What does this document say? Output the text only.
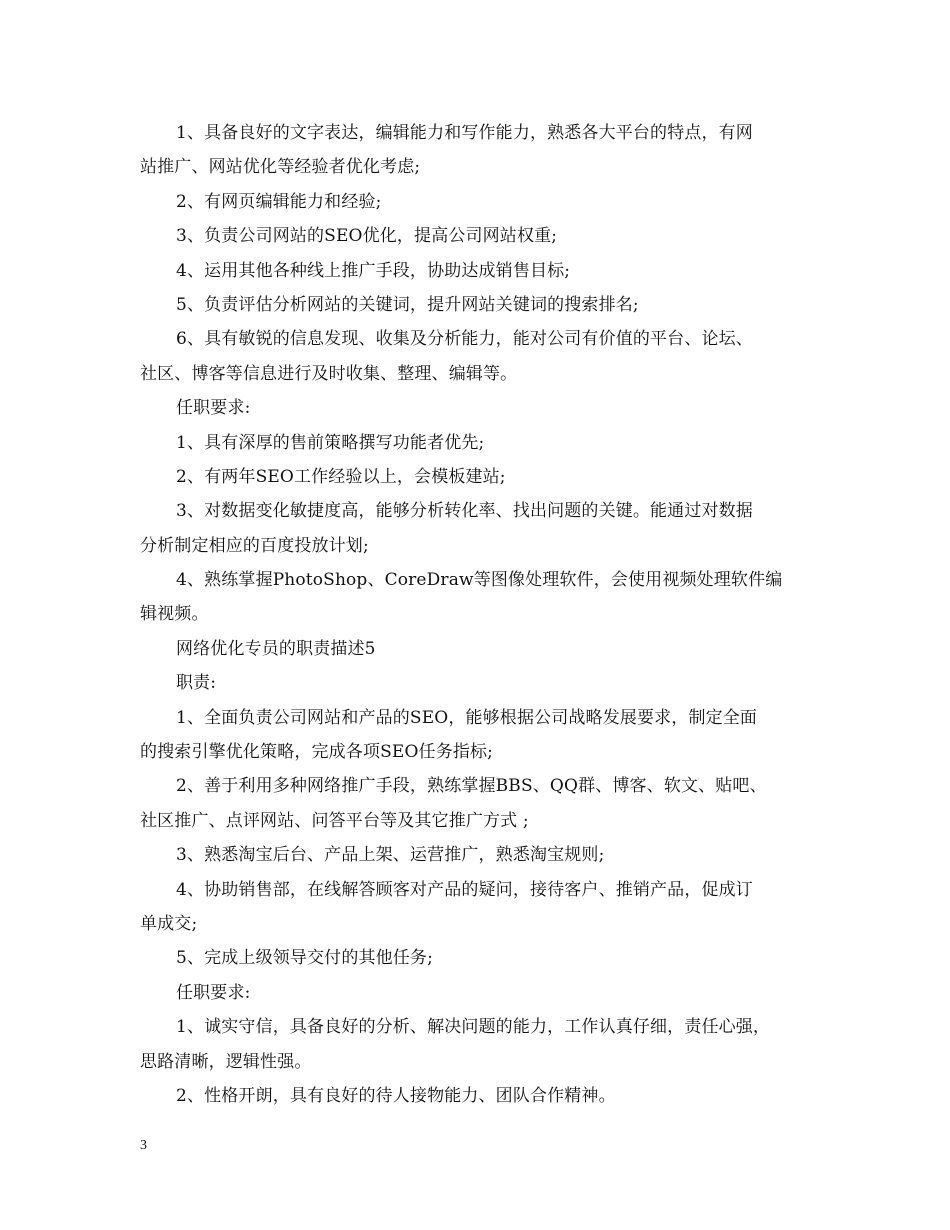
1、具备良好的文字表达，编辑能力和写作能力，熟悉各大平台的特点，有网
站推广、网站优化等经验者优化考虑;
2、有网页编辑能力和经验;
3、负责公司网站的SEO优化，提高公司网站权重;
4、运用其他各种线上推广手段，协助达成销售目标;
5、负责评估分析网站的关键词，提升网站关键词的搜索排名;
6、具有敏锐的信息发现、收集及分析能力，能对公司有价值的平台、论坛、
社区、博客等信息进行及时收集、整理、编辑等。
任职要求:
1、具有深厚的售前策略撰写功能者优先;
2、有两年SEO工作经验以上，会模板建站;
3、对数据变化敏捷度高，能够分析转化率、找出问题的关键。能通过对数据
分析制定相应的百度投放计划;
4、熟练掌握PhotoShop、CoreDraw等图像处理软件，会使用视频处理软件编
辑视频。
网络优化专员的职责描述5
职责:
1、全面负责公司网站和产品的SEO，能够根据公司战略发展要求，制定全面
的搜索引擎优化策略，完成各项SEO任务指标;
2、善于利用多种网络推广手段，熟练掌握BBS、QQ群、博客、软文、贴吧、
社区推广、点评网站、问答平台等及其它推广方式 ;
3、熟悉淘宝后台、产品上架、运营推广，熟悉淘宝规则;
4、协助销售部，在线解答顾客对产品的疑问，接待客户、推销产品，促成订
单成交;
5、完成上级领导交付的其他任务;
任职要求:
1、诚实守信，具备良好的分析、解决问题的能力，工作认真仔细，责任心强，
思路清晰，逻辑性强。
2、性格开朗，具有良好的待人接物能力、团队合作精神。
3
